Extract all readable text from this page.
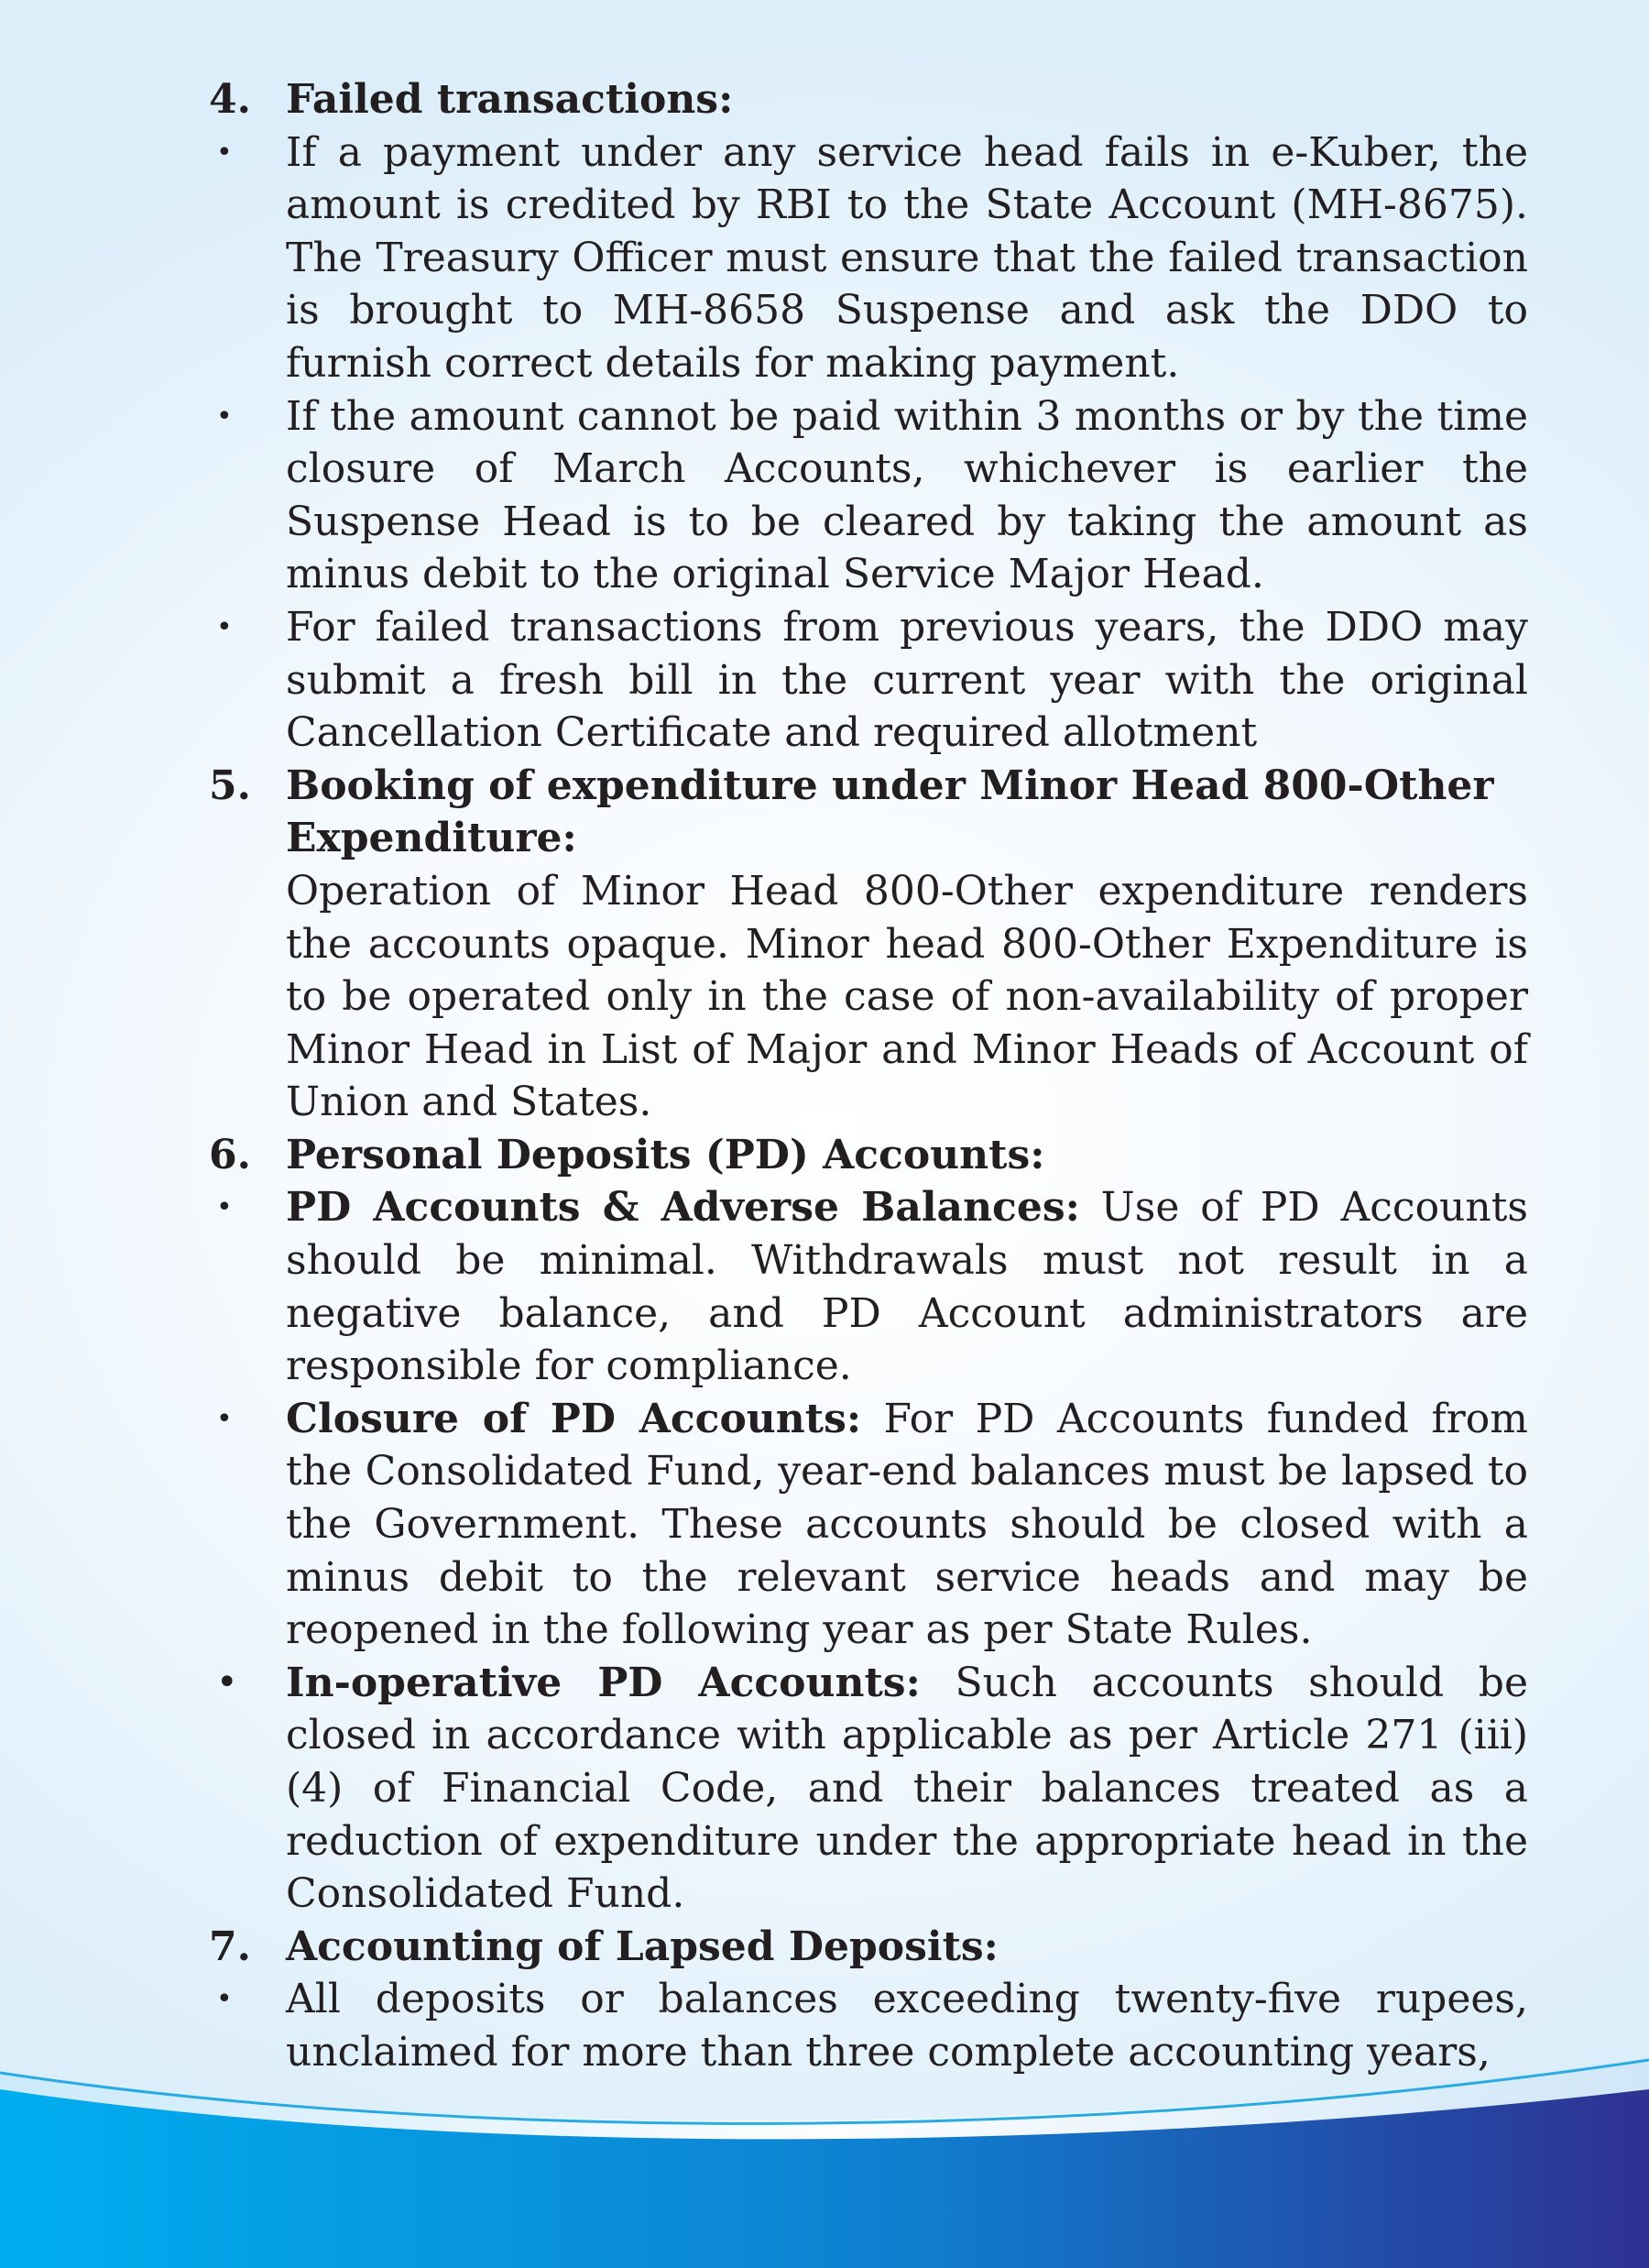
4. Failed transactions:
•	If a payment under any service head fails in e-Kuber, the amount is credited by RBI to the State Account (MH-8675). The Treasury Officer must ensure that the failed transaction is brought to MH-8658 Suspense and ask the DDO to furnish correct details for making payment.
•	If the amount cannot be paid within 3 months or by the time closure of March Accounts, whichever is earlier the Suspense Head is to be cleared by taking the amount as minus debit to the original Service Major Head.
•	For failed transactions from previous years, the DDO may submit a fresh bill in the current year with the original Cancellation Certificate and required allotment
5. Booking of expenditure under Minor Head 800-Other Expenditure:
Operation of Minor Head 800-Other expenditure renders the accounts opaque. Minor head 800-Other Expenditure is to be operated only in the case of non-availability of proper Minor Head in List of Major and Minor Heads of Account of Union and States.
6. Personal Deposits (PD) Accounts:
•	PD Accounts & Adverse Balances: Use of PD Accounts should be minimal. Withdrawals must not result in a negative balance, and PD Account administrators are responsible for compliance.
•	Closure of PD Accounts: For PD Accounts funded from the Consolidated Fund, year-end balances must be lapsed to the Government. These accounts should be closed with a minus debit to the relevant service heads and may be reopened in the following year as per State Rules.
•	In-operative PD Accounts: Such accounts should be closed in accordance with applicable as per Article 271 (iii) (4) of Financial Code, and their balances treated as a reduction of expenditure under the appropriate head in the Consolidated Fund.
7. Accounting of Lapsed Deposits:
•	All deposits or balances exceeding twenty-five rupees, unclaimed for more than three complete accounting years,
